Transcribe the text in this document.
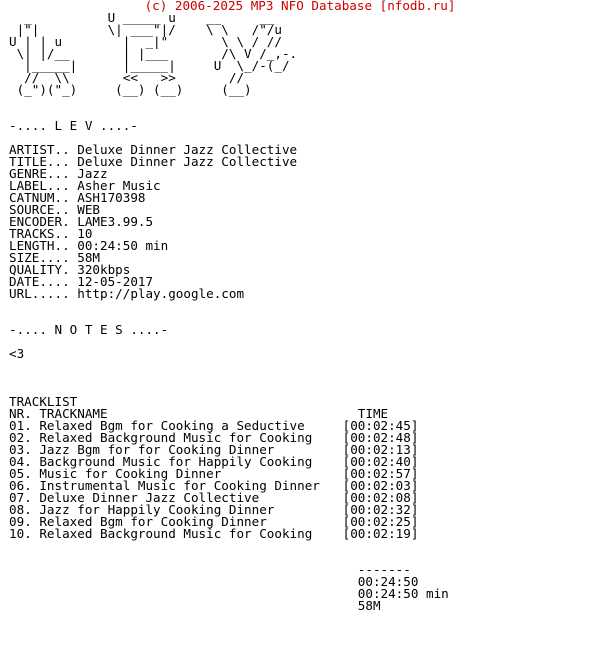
(c) 2006-2025 MP3 NFO Database [nfodb.ru]
_          U _____ u    __     __
|"|         \| ___"|/    \ \   /"/u
U | | u        |  _|"       \ \ / //
\| |/__       | |___       /\ V /_,-.
|_____|      |_____|     U  \_/-(_/
//  \\       <<   >>       //
(_")("_)     (__) (__)     (__)

-.... L E V ....-

ARTIST.. Deluxe Dinner Jazz Collective
TITLE... Deluxe Dinner Jazz Collective
GENRE... Jazz
LABEL... Asher Music
CATNUM.. ASH170398
SOURCE.. WEB
ENCODER. LAME3.99.5
TRACKS.. 10
LENGTH.. 00:24:50 min
SIZE.... 58M
QUALITY. 320kbps
DATE.... 12-05-2017
URL..... http://play.google.com

-.... N O T E S ....-

<3

TRACKLIST
NR. TRACKNAME                                 TIME
01. Relaxed Bgm for Cooking a Seductive     [00:02:45]
02. Relaxed Background Music for Cooking    [00:02:48]
03. Jazz Bgm for for Cooking Dinner         [00:02:13]
04. Background Music for Happily Cooking    [00:02:40]
05. Music for Cooking Dinner                [00:02:57]
06. Instrumental Music for Cooking Dinner   [00:02:03]
07. Deluxe Dinner Jazz Collective           [00:02:08]
08. Jazz for Happily Cooking Dinner         [00:02:32]
09. Relaxed Bgm for Cooking Dinner          [00:02:25]
10. Relaxed Background Music for Cooking    [00:02:19]

-------
00:24:50
00:24:50 min
58M
